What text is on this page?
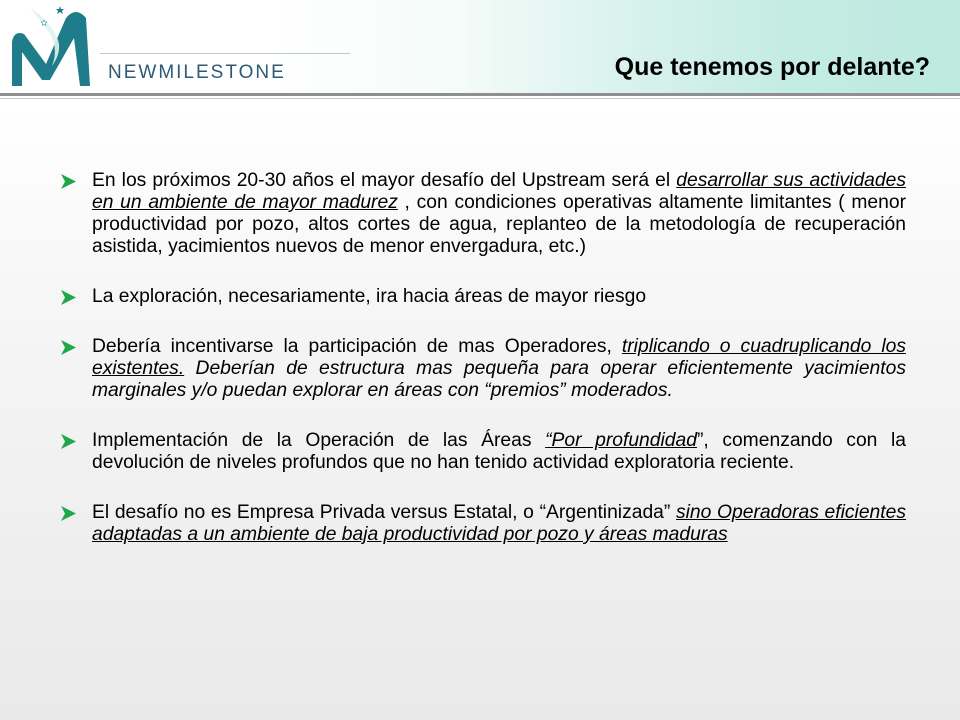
NEWMILESTONE	Que tenemos por delante?
En los próximos 20-30 años el mayor desafío del Upstream será el desarrollar sus actividades en un ambiente de mayor madurez , con condiciones operativas altamente limitantes ( menor productividad por pozo, altos cortes de agua, replanteo de la metodología de recuperación asistida, yacimientos nuevos de menor envergadura, etc.)
La exploración, necesariamente, ira hacia áreas de mayor riesgo
Debería incentivarse la participación de mas Operadores, triplicando o cuadruplicando los existentes. Deberían de estructura mas pequeña para operar eficientemente yacimientos marginales y/o puedan explorar en áreas con “premios” moderados.
Implementación de la Operación de las Áreas “Por profundidad”, comenzando con la devolución de niveles profundos que no han tenido actividad exploratoria reciente.
El desafío no es Empresa Privada versus Estatal, o “Argentinizada” sino Operadoras eficientes adaptadas a un ambiente de baja productividad por pozo y áreas maduras
